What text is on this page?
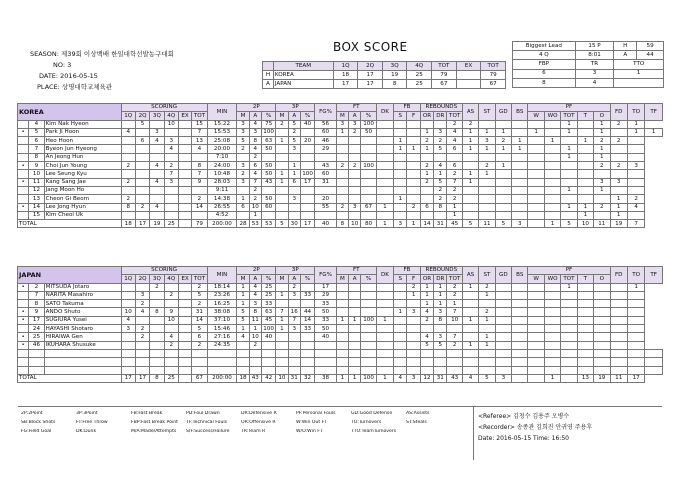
BOX SCORE
SEASON: 제39회 이상백배 한일대학선발농구대회
NO: 3
DATE: 2016-05-15
PLACE: 상명대학교체육관
	TEAM	1Q	2Q	3Q	4Q	TOT	EX	TOT
H	KOREA	18	17	19	25	79		79
A	JAPAN	17	17	8	25	67		67
Biggest Lead	15 P	H	59
4 Q	8:01	A	44
FBP	TR	TTO	
6	3	1	
8	4		
KOREA			SCORING						MIN	2P			3P			FG%	FT			DK	FB		REBOUNDS			AS	ST	GD	BS	PF					FD	TO	TF
			1Q	2Q	3Q	4Q	EX	TOT		M	A	%	M	A	%		M	A	%		S	F	OR	DR	TOT					W	WO	TOT	T	O			
	4	Kim Nak Hyeon		5		10		15	15:22	3	4	75	2	5	40	56	3	3	100						2	2						1		1	2	1	
•	5	Park Ji Hoon	4		3			7	15:53	3	3	100		2		60	1	2	50				1	3	4	1	1	1		1		1		1		1	1
	6	Heo Hoon		6	4	3		13	25:08	5	8	63	1	5	20	46					1		2	2	4	1	3	2	1		1		1	2	2		
	7	Byeon Jun Hyeong				4		4	20:00	2	4	50		3		29					1	1	1	5	6	1	1	1	1			1		1			
	8	An Jeong Hun							7:10		2																					1		1			
•	9	Choi Jun Young	2		4	2		8	24:00	3	6	50		1		43	2	2	100				2	4	6		2	1						2	2	3	
	10	Lee Seung Kyu				7		7	10:48	2	4	50	1	1	100	60							1	1	2	1	1										
•	11	Kang Sang Jae	2		4	3		9	28:03	3	7	43	1	6	17	31							2	5	7	1								3	3		
	12	Jang Moon Ho							9:11		2													2	2							1		1			
	13	Cheon Gi Beom	2					2	14:38	1	2	50		3		20					1			2	2										1	2	
•	14	Lee Jong Hyun	8	2	4			14	26:55	6	10	60				55	2	3	67	1		2	6	8	1							1	1	2	1	4	
	15	Kim Cheol Uk							4:52		1														1								1		1		
TOTAL			18	17	19	25		79	200:00	28	53	53	5	30	17	40	8	10	80	1	3	1	14	31	45	5	11	5	3		1	5	10	11	19	7	
JAPAN			SCORING						MIN	2P			3P			FG%	FT			DK	FB		REBOUNDS			AS	ST	GD	BS	PF					FD	TO	TF
			1Q	2Q	3Q	4Q	EX	TOT		M	A	%	M	A	%		M	A	%		S	F	OR	DR	TOT					W	WO	TOT	T	O			
•	2	MITSUDA Jotaro			2			2	18:14	1	4	25		2		17						2	1	1	2	1	2					1				1	
	7	NARITA Masahiro		3		2		5	23:26	1	4	25	1	3	33	29						1	1	1	2		1										
	8	SATO Takuma		2				2	16:25	1	3	33				33							1	1	1												
•	9	ANDO Shuto	10	4	8	9		31	38:08	5	8	63	7	16	44	50					1	3	4	3	7		2										
•	17	SUGIURA Yusei	4			10		14	37:10	5	11	45	1	7	14	33	1	1	100	1			2	8	10	1	1										
	24	HAYASHI Shotaro	3	2				5	15:46	1	1	100	1	3	33	50																					
•	25	HIRAIWA Gen		2		4		6	27:16	4	10	40				40							4	3	7		1										
•	46	IKUHARA Shusuke				2		2	24:35		2												5	5	2	1	1										

TOTAL			17	17	8	25		67	200:00	18	43	42	10	31	32	38	1	1	100	1	4	3	12	31	43	4	5	3			1		13	19	11	17	
2P:2Point	3P:3Point	FB:Fast Break	PD:Foul Drawn	DR:Defensive R	PF:Personal Fouls	GD:Good Defense	AS:Assists
SB:Block Shots	FT:Free Throw	FBP:Fast Break Point	TF:Technical Fouls	OR:Offensive R	W:Win Out FT	TO:Turnovers	ST:Steals
FG:Field Goal	DK:Dunk	M/A:Made/Attempts	S/F:Success/Failure	TR:Team R	W/O:Win FT	TTO:TeamTurnovers
<Referee> 김청수 김용주 오병수
<Recorder> 송종관 김희진 안귀영 주용후
Date: 2016-05-15 Time: 16:50
